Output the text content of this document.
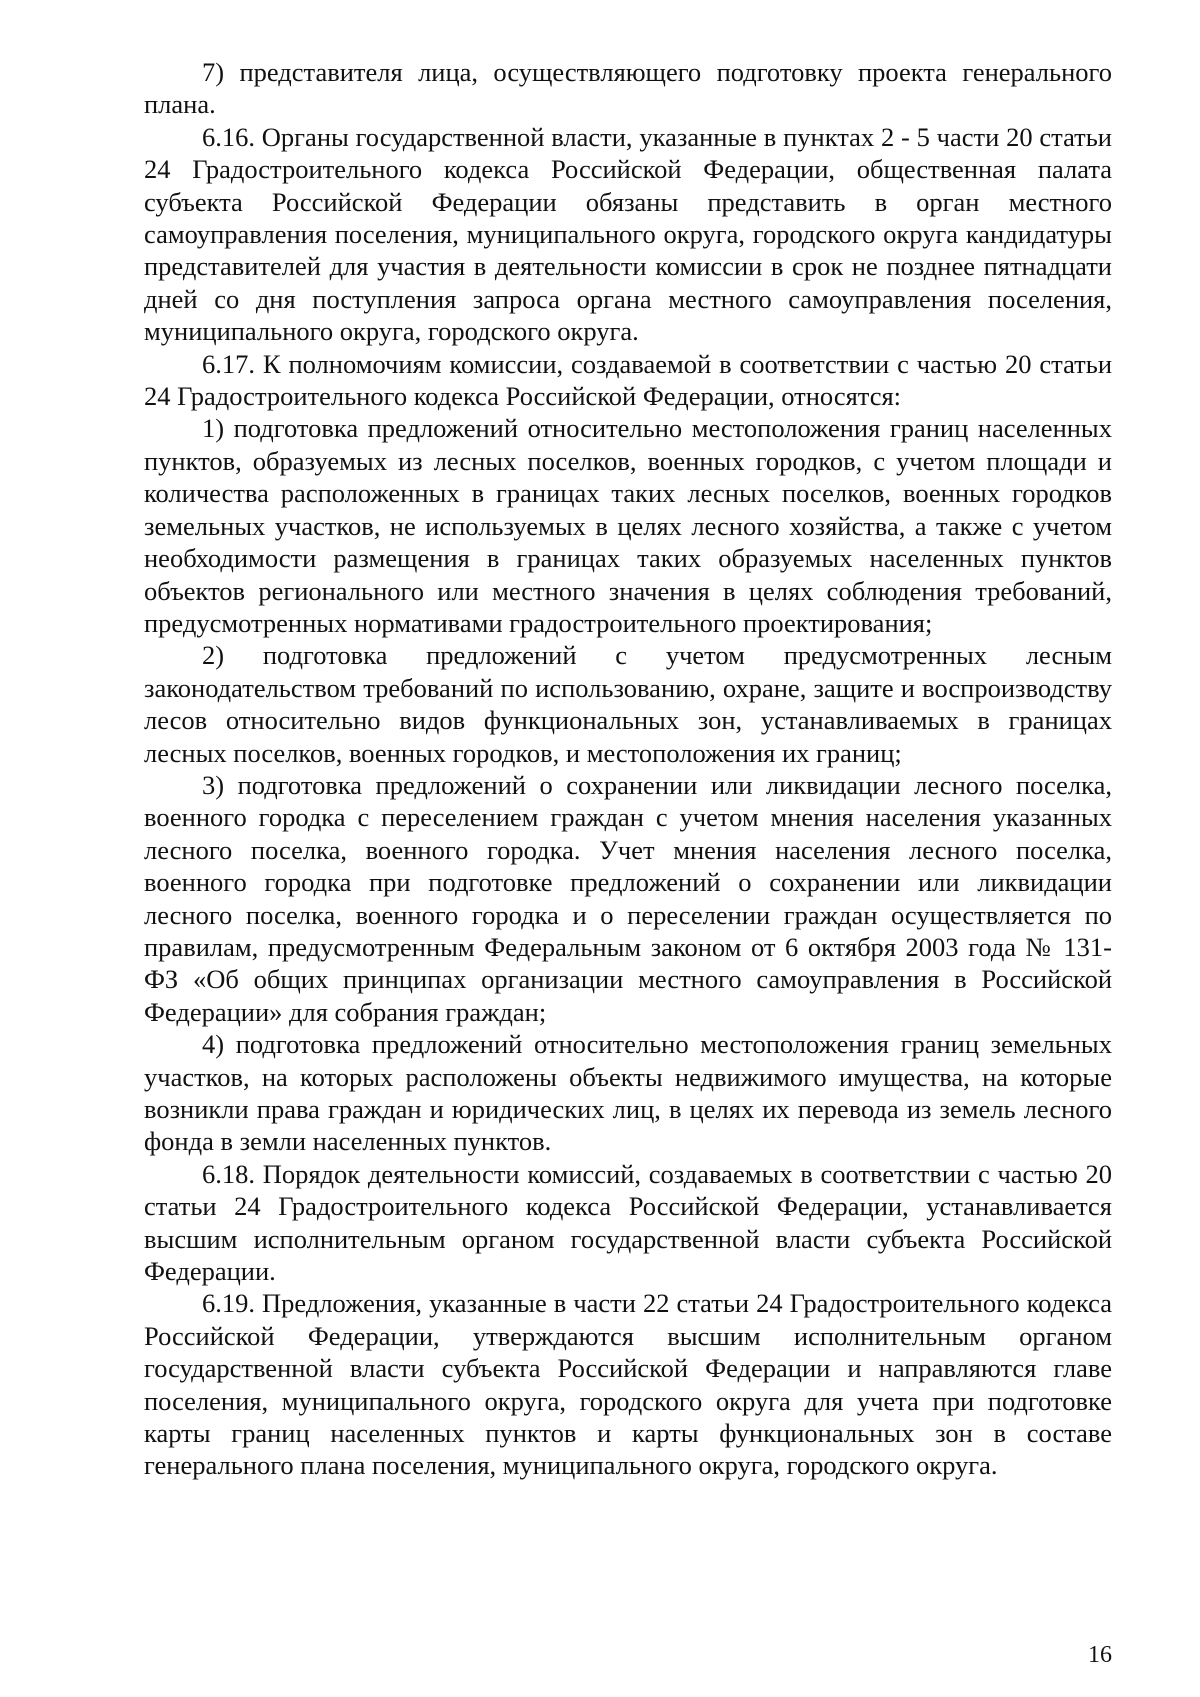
7) представителя лица, осуществляющего подготовку проекта генерального плана.

6.16. Органы государственной власти, указанные в пунктах 2 - 5 части 20 статьи 24 Градостроительного кодекса Российской Федерации, общественная палата субъекта Российской Федерации обязаны представить в орган местного самоуправления поселения, муниципального округа, городского округа кандидатуры представителей для участия в деятельности комиссии в срок не позднее пятнадцати дней со дня поступления запроса органа местного самоуправления поселения, муниципального округа, городского округа.

6.17. К полномочиям комиссии, создаваемой в соответствии с частью 20 статьи 24 Градостроительного кодекса Российской Федерации, относятся:

1) подготовка предложений относительно местоположения границ населенных пунктов, образуемых из лесных поселков, военных городков, с учетом площади и количества расположенных в границах таких лесных поселков, военных городков земельных участков, не используемых в целях лесного хозяйства, а также с учетом необходимости размещения в границах таких образуемых населенных пунктов объектов регионального или местного значения в целях соблюдения требований, предусмотренных нормативами градостроительного проектирования;

2) подготовка предложений с учетом предусмотренных лесным законодательством требований по использованию, охране, защите и воспроизводству лесов относительно видов функциональных зон, устанавливаемых в границах лесных поселков, военных городков, и местоположения их границ;

3) подготовка предложений о сохранении или ликвидации лесного поселка, военного городка с переселением граждан с учетом мнения населения указанных лесного поселка, военного городка. Учет мнения населения лесного поселка, военного городка при подготовке предложений о сохранении или ликвидации лесного поселка, военного городка и о переселении граждан осуществляется по правилам, предусмотренным Федеральным законом от 6 октября 2003 года № 131-ФЗ «Об общих принципах организации местного самоуправления в Российской Федерации» для собрания граждан;

4) подготовка предложений относительно местоположения границ земельных участков, на которых расположены объекты недвижимого имущества, на которые возникли права граждан и юридических лиц, в целях их перевода из земель лесного фонда в земли населенных пунктов.

6.18. Порядок деятельности комиссий, создаваемых в соответствии с частью 20 статьи 24 Градостроительного кодекса Российской Федерации, устанавливается высшим исполнительным органом государственной власти субъекта Российской Федерации.

6.19. Предложения, указанные в части 22 статьи 24 Градостроительного кодекса Российской Федерации, утверждаются высшим исполнительным органом государственной власти субъекта Российской Федерации и направляются главе поселения, муниципального округа, городского округа для учета при подготовке карты границ населенных пунктов и карты функциональных зон в составе генерального плана поселения, муниципального округа, городского округа.

16
